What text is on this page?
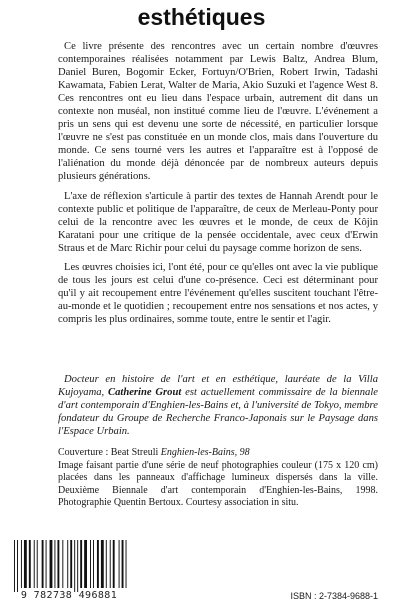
esthétiques

Ce livre présente des rencontres avec un certain nombre d'œuvres contemporaines réalisées notamment par Lewis Baltz, Andrea Blum, Daniel Buren, Bogomir Ecker, Fortuyn/O'Brien, Robert Irwin, Tadashi Kawamata, Fabien Lerat, Walter de Maria, Akio Suzuki et l'agence West 8. Ces rencontres ont eu lieu dans l'espace urbain, autrement dit dans un contexte non muséal, non institué comme lieu de l'œuvre. L'événement a pris un sens qui est devenu une sorte de nécessité, en particulier lorsque l'œuvre ne s'est pas constituée en un monde clos, mais dans l'ouverture du monde. Ce sens tourné vers les autres et l'apparaître est à l'opposé de l'aliénation du monde déjà dénoncée par de nombreux auteurs depuis plusieurs générations.

L'axe de réflexion s'articule à partir des textes de Hannah Arendt pour le contexte public et politique de l'apparaître, de ceux de Merleau-Ponty pour celui de la rencontre avec les œuvres et le monde, de ceux de Kôjin Karatani pour une critique de la pensée occidentale, avec ceux d'Erwin Straus et de Marc Richir pour celui du paysage comme horizon de sens.

Les œuvres choisies ici, l'ont été, pour ce qu'elles ont avec la vie publique de tous les jours est celui d'une co-présence. Ceci est déterminant pour qu'il y ait recoupement entre l'événement qu'elles suscitent touchant l'être-au-monde et le quotidien ; recoupement entre nos sensations et nos actes, y compris les plus ordinaires, somme toute, entre le sentir et l'agir.

Docteur en histoire de l'art et en esthétique, lauréate de la Villa Kujoyama, Catherine Grout est actuellement commissaire de la biennale d'art contemporain d'Enghien-les-Bains et, à l'université de Tokyo, membre fondateur du Groupe de Recherche Franco-Japonais sur le Paysage dans l'Espace Urbain.
Couverture : Beat Streuli Enghien-les-Bains, 98
Image faisant partie d'une série de neuf photographies couleur (175 x 120 cm) placées dans les panneaux d'affichage lumineux dispersés dans la ville. Deuxième Biennale d'art contemporain d'Enghien-les-Bains, 1998. Photographie Quentin Bertoux. Courtesy association in situ.
9 782738 496881	ISBN : 2-7384-9688-1
